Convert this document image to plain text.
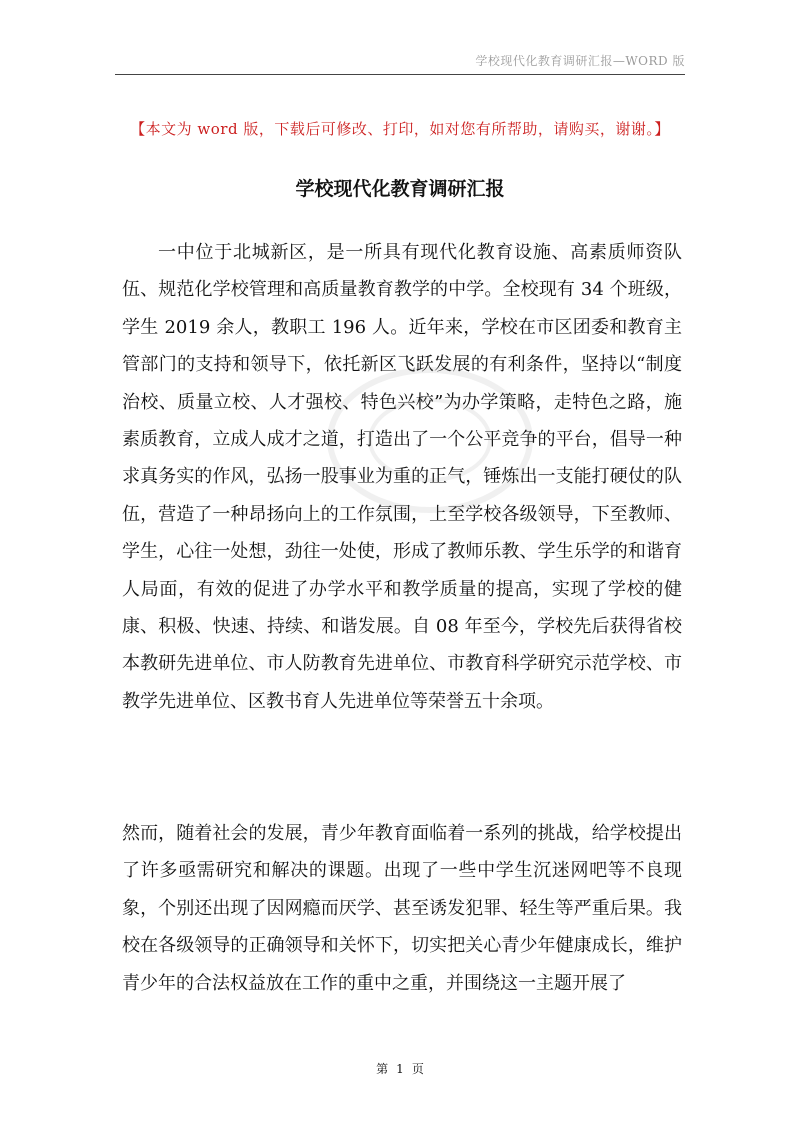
学校现代化教育调研汇报—WORD 版
【本文为 word 版，下载后可修改、打印，如对您有所帮助，请购买，谢谢。】
学校现代化教育调研汇报

一中位于北城新区，是一所具有现代化教育设施、高素质师资队伍、规范化学校管理和高质量教育教学的中学。全校现有 34 个班级，学生 2019 余人，教职工 196 人。近年来，学校在市区团委和教育主管部门的支持和领导下，依托新区飞跃发展的有利条件，坚持以“制度治校、质量立校、人才强校、特色兴校”为办学策略，走特色之路，施素质教育，立成人成才之道，打造出了一个公平竞争的平台，倡导一种求真务实的作风，弘扬一股事业为重的正气，锤炼出一支能打硬仗的队伍，营造了一种昂扬向上的工作氛围，上至学校各级领导，下至教师、学生，心往一处想，劲往一处使，形成了教师乐教、学生乐学的和谐育人局面，有效的促进了办学水平和教学质量的提高，实现了学校的健康、积极、快速、持续、和谐发展。自 08 年至今，学校先后获得省校本教研先进单位、市人防教育先进单位、市教育科学研究示范学校、市教学先进单位、区教书育人先进单位等荣誉五十余项。

然而，随着社会的发展，青少年教育面临着一系列的挑战，给学校提出了许多亟需研究和解决的课题。出现了一些中学生沉迷网吧等不良现象，个别还出现了因网瘾而厌学、甚至诱发犯罪、轻生等严重后果。我校在各级领导的正确领导和关怀下，切实把关心青少年健康成长，维护青少年的合法权益放在工作的重中之重，并围绕这一主题开展了

第 1 页
